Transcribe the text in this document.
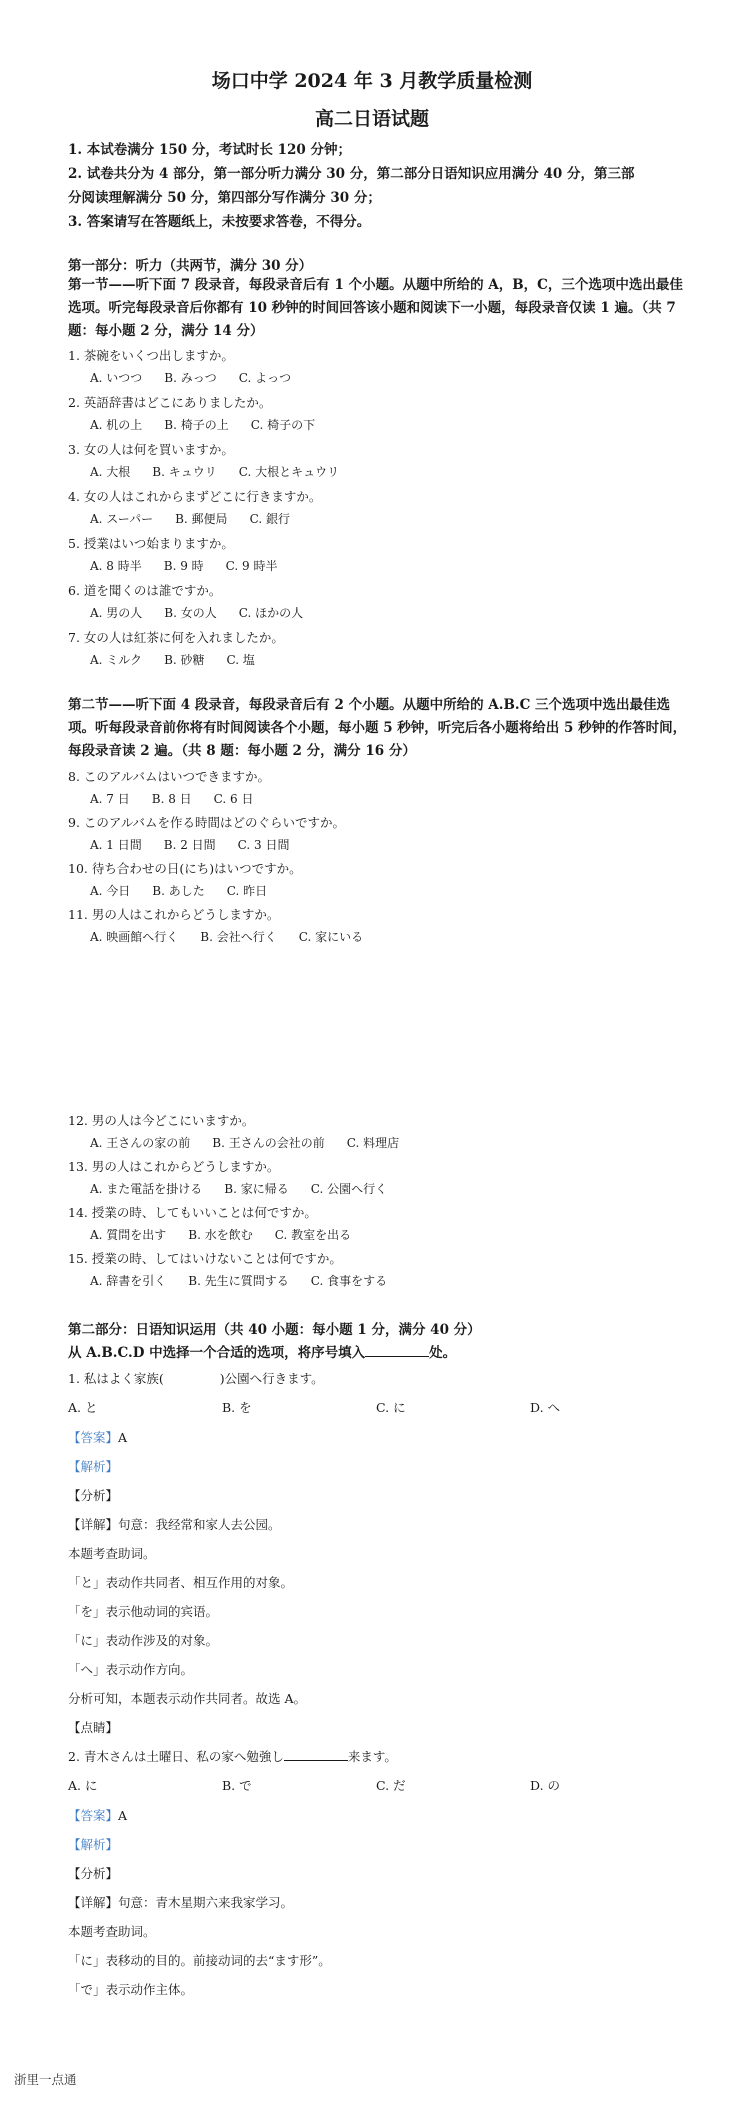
场口中学 2024 年 3 月教学质量检测
高二日语试题
1. 本试卷满分 150 分，考试时长 120 分钟；
2. 试卷共分为 4 部分，第一部分听力满分 30 分，第二部分日语知识应用满分 40 分，第三部
分阅读理解满分 50 分，第四部分写作满分 30 分；
3. 答案请写在答题纸上，未按要求答卷，不得分。
第一部分：听力（共两节，满分 30 分）
第一节——听下面 7 段录音，每段录音后有 1 个小题。从题中所给的 A，B，C，三个选项中选出最佳选项。听完每段录音后你都有 10 秒钟的时间回答该小题和阅读下一小题，每段录音仅读 1 遍。（共 7 题：每小题 2 分，满分 14 分）
1. 茶碗をいくつ出しますか。
A. いつつ B. みっつ C. よっつ
2. 英語辞書はどこにありましたか。
A. 机の上 B. 椅子の上 C. 椅子の下
3. 女の人は何を買いますか。
A. 大根 B. キュウリ C. 大根とキュウリ
4. 女の人はこれからまずどこに行きますか。
A. スーパー B. 郵便局 C. 銀行
5. 授業はいつ始まりますか。
A. 8 時半 B. 9 時 C. 9 時半
6. 道を聞くのは誰ですか。
A. 男の人 B. 女の人 C. ほかの人
7. 女の人は紅茶に何を入れましたか。
A. ミルク B. 砂糖 C. 塩
第二节——听下面 4 段录音，每段录音后有 2 个小题。从题中所给的 A.B.C 三个选项中选出最佳选项。听每段录音前你将有时间阅读各个小题，每小题 5 秒钟，听完后各小题将给出 5 秒钟的作答时间，每段录音读 2 遍。（共 8 题：每小题 2 分，满分 16 分）
8. このアルバムはいつできますか。
A. 7 日 B. 8 日 C. 6 日
9. このアルバムを作る時間はどのぐらいですか。
A. 1 日間 B. 2 日間 C. 3 日間
10. 待ち合わせの日(にち)はいつですか。
A. 今日 B. あした C. 昨日
11. 男の人はこれからどうしますか。
A. 映画館へ行く B. 会社へ行く C. 家にいる
12. 男の人は今どこにいますか。
A. 王さんの家の前 B. 王さんの会社の前 C. 料理店
13. 男の人はこれからどうしますか。
A. また電話を掛ける B. 家に帰る C. 公園へ行く
14. 授業の時、してもいいことは何ですか。
A. 質問を出す B. 水を飲む C. 教室を出る
15. 授業の時、してはいけないことは何ですか。
A. 辞書を引く B. 先生に質問する C. 食事をする
第二部分：日语知识运用（共 40 小题：每小题 1 分，满分 40 分）
从 A.B.C.D 中选择一个合适的选项，将序号填入	处。
1. 私はよく家族(	)公園へ行きます。
A. と	B. を	C. に	D. へ
【答案】A
【解析】
【分析】
【详解】句意：我经常和家人去公园。
本题考查助词。
「と」表动作共同者、相互作用的对象。
「を」表示他动词的宾语。
「に」表动作涉及的对象。
「へ」表示动作方向。
分析可知，本题表示动作共同者。故选 A。
【点睛】
2. 青木さんは土曜日、私の家へ勉強し	来ます。
A. に	B. で	C. だ	D. の
【答案】A
【解析】
【分析】
【详解】句意：青木星期六来我家学习。
本题考查助词。
「に」表移动的目的。前接动词的去“ます形”。
「で」表示动作主体。
浙里一点通
